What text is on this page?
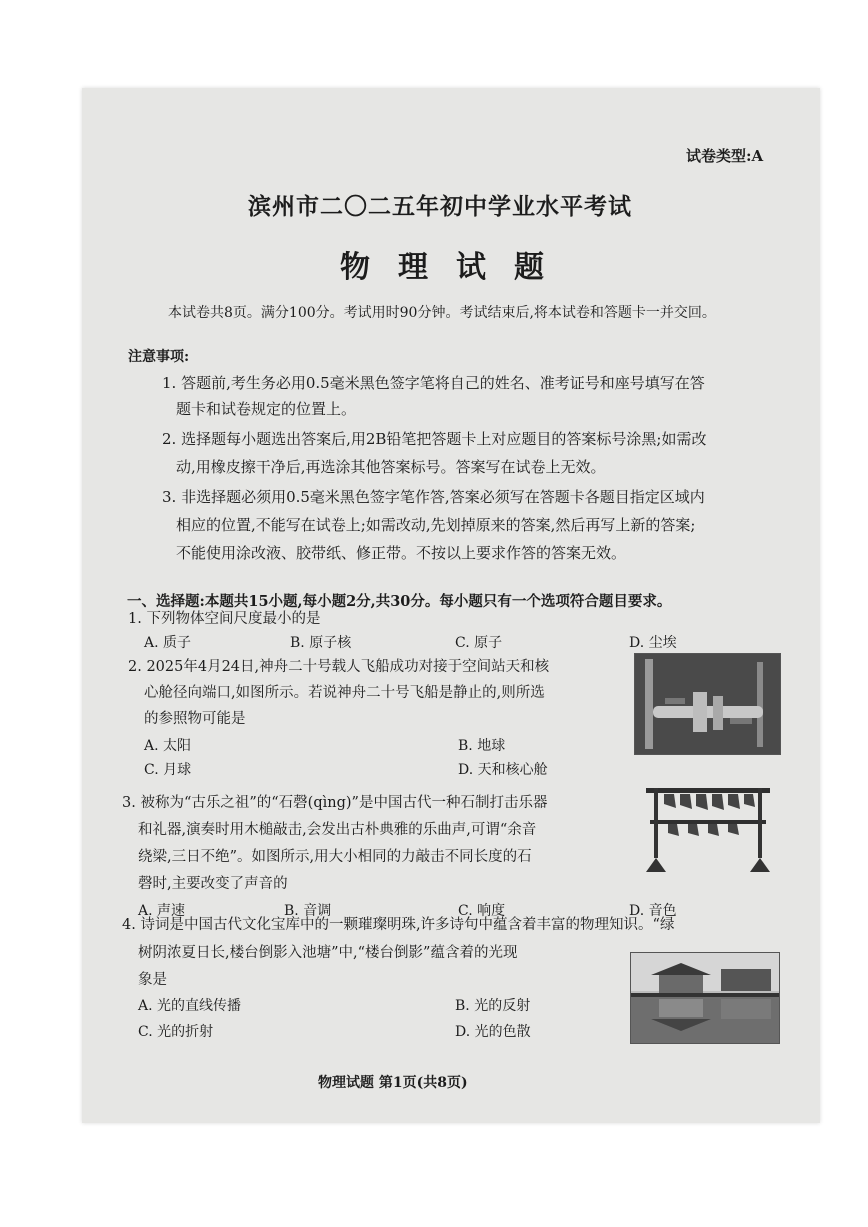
试卷类型:A
滨州市二〇二五年初中学业水平考试
物理试题
本试卷共8页。满分100分。考试用时90分钟。考试结束后,将本试卷和答题卡一并交回。
注意事项:
1. 答题前,考生务必用0.5毫米黑色签字笔将自己的姓名、准考证号和座号填写在答
题卡和试卷规定的位置上。
2. 选择题每小题选出答案后,用2B铅笔把答题卡上对应题目的答案标号涂黑;如需改
动,用橡皮擦干净后,再选涂其他答案标号。答案写在试卷上无效。
3. 非选择题必须用0.5毫米黑色签字笔作答,答案必须写在答题卡各题目指定区域内
相应的位置,不能写在试卷上;如需改动,先划掉原来的答案,然后再写上新的答案;
不能使用涂改液、胶带纸、修正带。不按以上要求作答的答案无效。
一、选择题:本题共15小题,每小题2分,共30分。每小题只有一个选项符合题目要求。
1. 下列物体空间尺度最小的是
A. 质子	B. 原子核	C. 原子	D. 尘埃
2. 2025年4月24日,神舟二十号载人飞船成功对接于空间站天和核
心舱径向端口,如图所示。若说神舟二十号飞船是静止的,则所选
的参照物可能是
A. 太阳	B. 地球
C. 月球	D. 天和核心舱
3. 被称为“古乐之祖”的“石磬(qìng)”是中国古代一种石制打击乐器
和礼器,演奏时用木槌敲击,会发出古朴典雅的乐曲声,可谓“余音
绕梁,三日不绝”。如图所示,用大小相同的力敲击不同长度的石
磬时,主要改变了声音的
A. 声速	B. 音调	C. 响度	D. 音色
4. 诗词是中国古代文化宝库中的一颗璀璨明珠,许多诗句中蕴含着丰富的物理知识。“绿
树阴浓夏日长,楼台倒影入池塘”中,“楼台倒影”蕴含着的光现
象是
A. 光的直线传播	B. 光的反射
C. 光的折射	D. 光的色散
物理试题 第1页(共8页)
